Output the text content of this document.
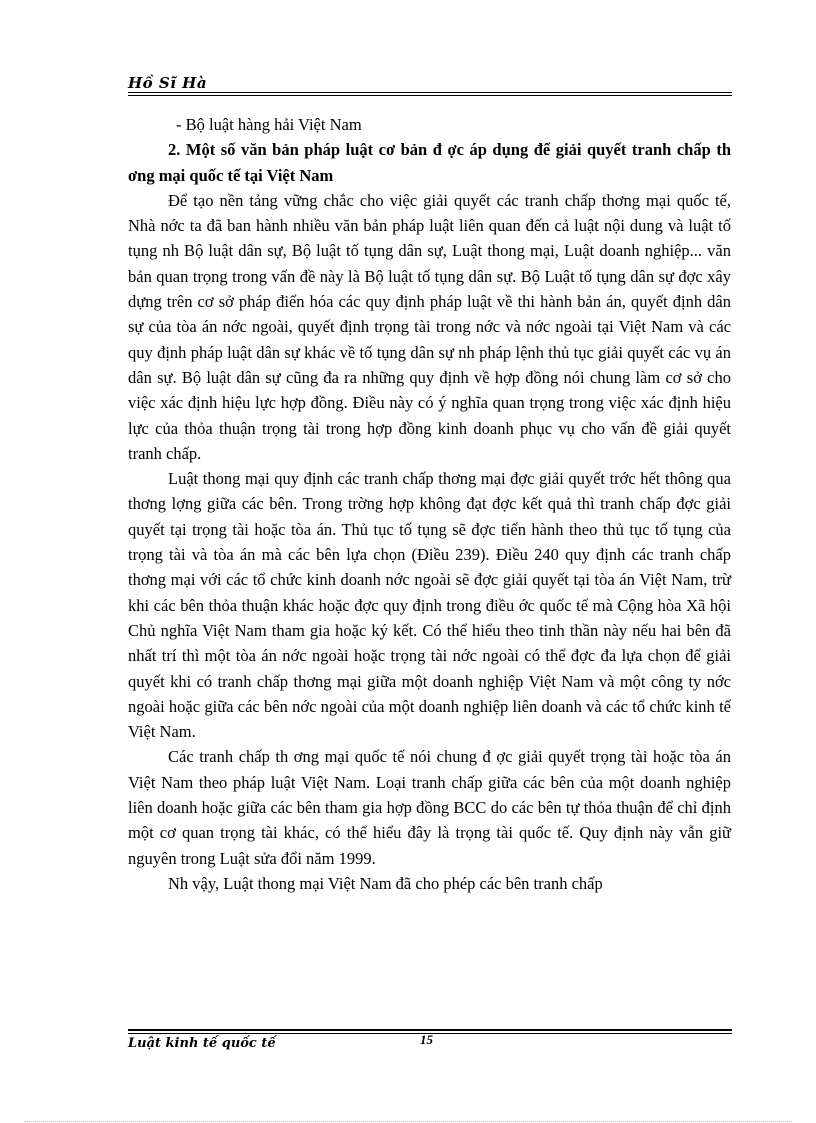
Hồ Sĩ Hà

- Bộ luật hàng hải Việt Nam

2. Một số văn bản pháp luật cơ bản đ ợc áp dụng để giải quyết tranh chấp th ơng mại quốc tế tại Việt Nam

Để tạo nền tảng vững chắc cho việc giải quyết các tranh chấp thơng mại quốc tế, Nhà nớc ta đã ban hành nhiều văn bản pháp luật liên quan đến cả luật nội dung và luật tố tụng nh Bộ luật dân sự, Bộ luật tố tụng dân sự, Luật thong mại, Luật doanh nghiệp... văn bản quan trọng trong vấn đề này là Bộ luật tố tụng dân sự. Bộ Luật tố tụng dân sự đợc xây dựng trên cơ sở pháp điển hóa các quy định pháp luật về thi hành bản án, quyết định dân sự của tòa án nớc ngoài, quyết định trọng tài trong nớc và nớc ngoài tại Việt Nam và các quy định pháp luật dân sự khác về tố tụng dân sự nh pháp lệnh thủ tục giải quyết các vụ án dân sự. Bộ luật dân sự cũng đa ra những quy định về hợp đồng nói chung làm cơ sở cho việc xác định hiệu lực hợp đồng. Điều này có ý nghĩa quan trọng trong việc xác định hiệu lực của thỏa thuận trọng tài trong hợp đồng kinh doanh phục vụ cho vấn đề giải quyết tranh chấp.

Luật thong mại quy định các tranh chấp thơng mại đợc giải quyết trớc hết thông qua thơng lợng giữa các bên. Trong trờng hợp không đạt đợc kết quả thì tranh chấp đợc giải quyết tại trọng tài hoặc tòa án. Thủ tục tố tụng sẽ đợc tiến hành theo thủ tục tố tụng của trọng tài và tòa án mà các bên lựa chọn (Điều 239). Điều 240 quy định các tranh chấp thơng mại với các tổ chức kinh doanh nớc ngoài sẽ đợc giải quyết tại tòa án Việt Nam, trừ khi các bên thỏa thuận khác hoặc đợc quy định trong điều ớc quốc tế mà Cộng hòa Xã hội Chủ nghĩa Việt Nam tham gia hoặc ký kết. Có thể hiểu theo tinh thần này nếu hai bên đã nhất trí thì một tòa án nớc ngoài hoặc trọng tài nớc ngoài có thể đợc đa lựa chọn để giải quyết khi có tranh chấp thơng mại giữa một doanh nghiệp Việt Nam và một công ty nớc ngoài hoặc giữa các bên nớc ngoài của một doanh nghiệp liên doanh và các tổ chức kinh tế Việt Nam.

Các tranh chấp th ơng mại quốc tế nói chung đ ợc giải quyết trọng tài hoặc tòa án Việt Nam theo pháp luật Việt Nam. Loại tranh chấp giữa các bên của một doanh nghiệp liên doanh hoặc giữa các bên tham gia hợp đồng BCC do các bên tự thỏa thuận để chỉ định một cơ quan trọng tài khác, có thể hiểu đây là trọng tài quốc tế. Quy định này vẫn giữ nguyên trong Luật sửa đổi năm 1999.

Nh vậy, Luật thong mại Việt Nam đã cho phép các bên tranh chấp

Luật kinh tế quốc tế	15
